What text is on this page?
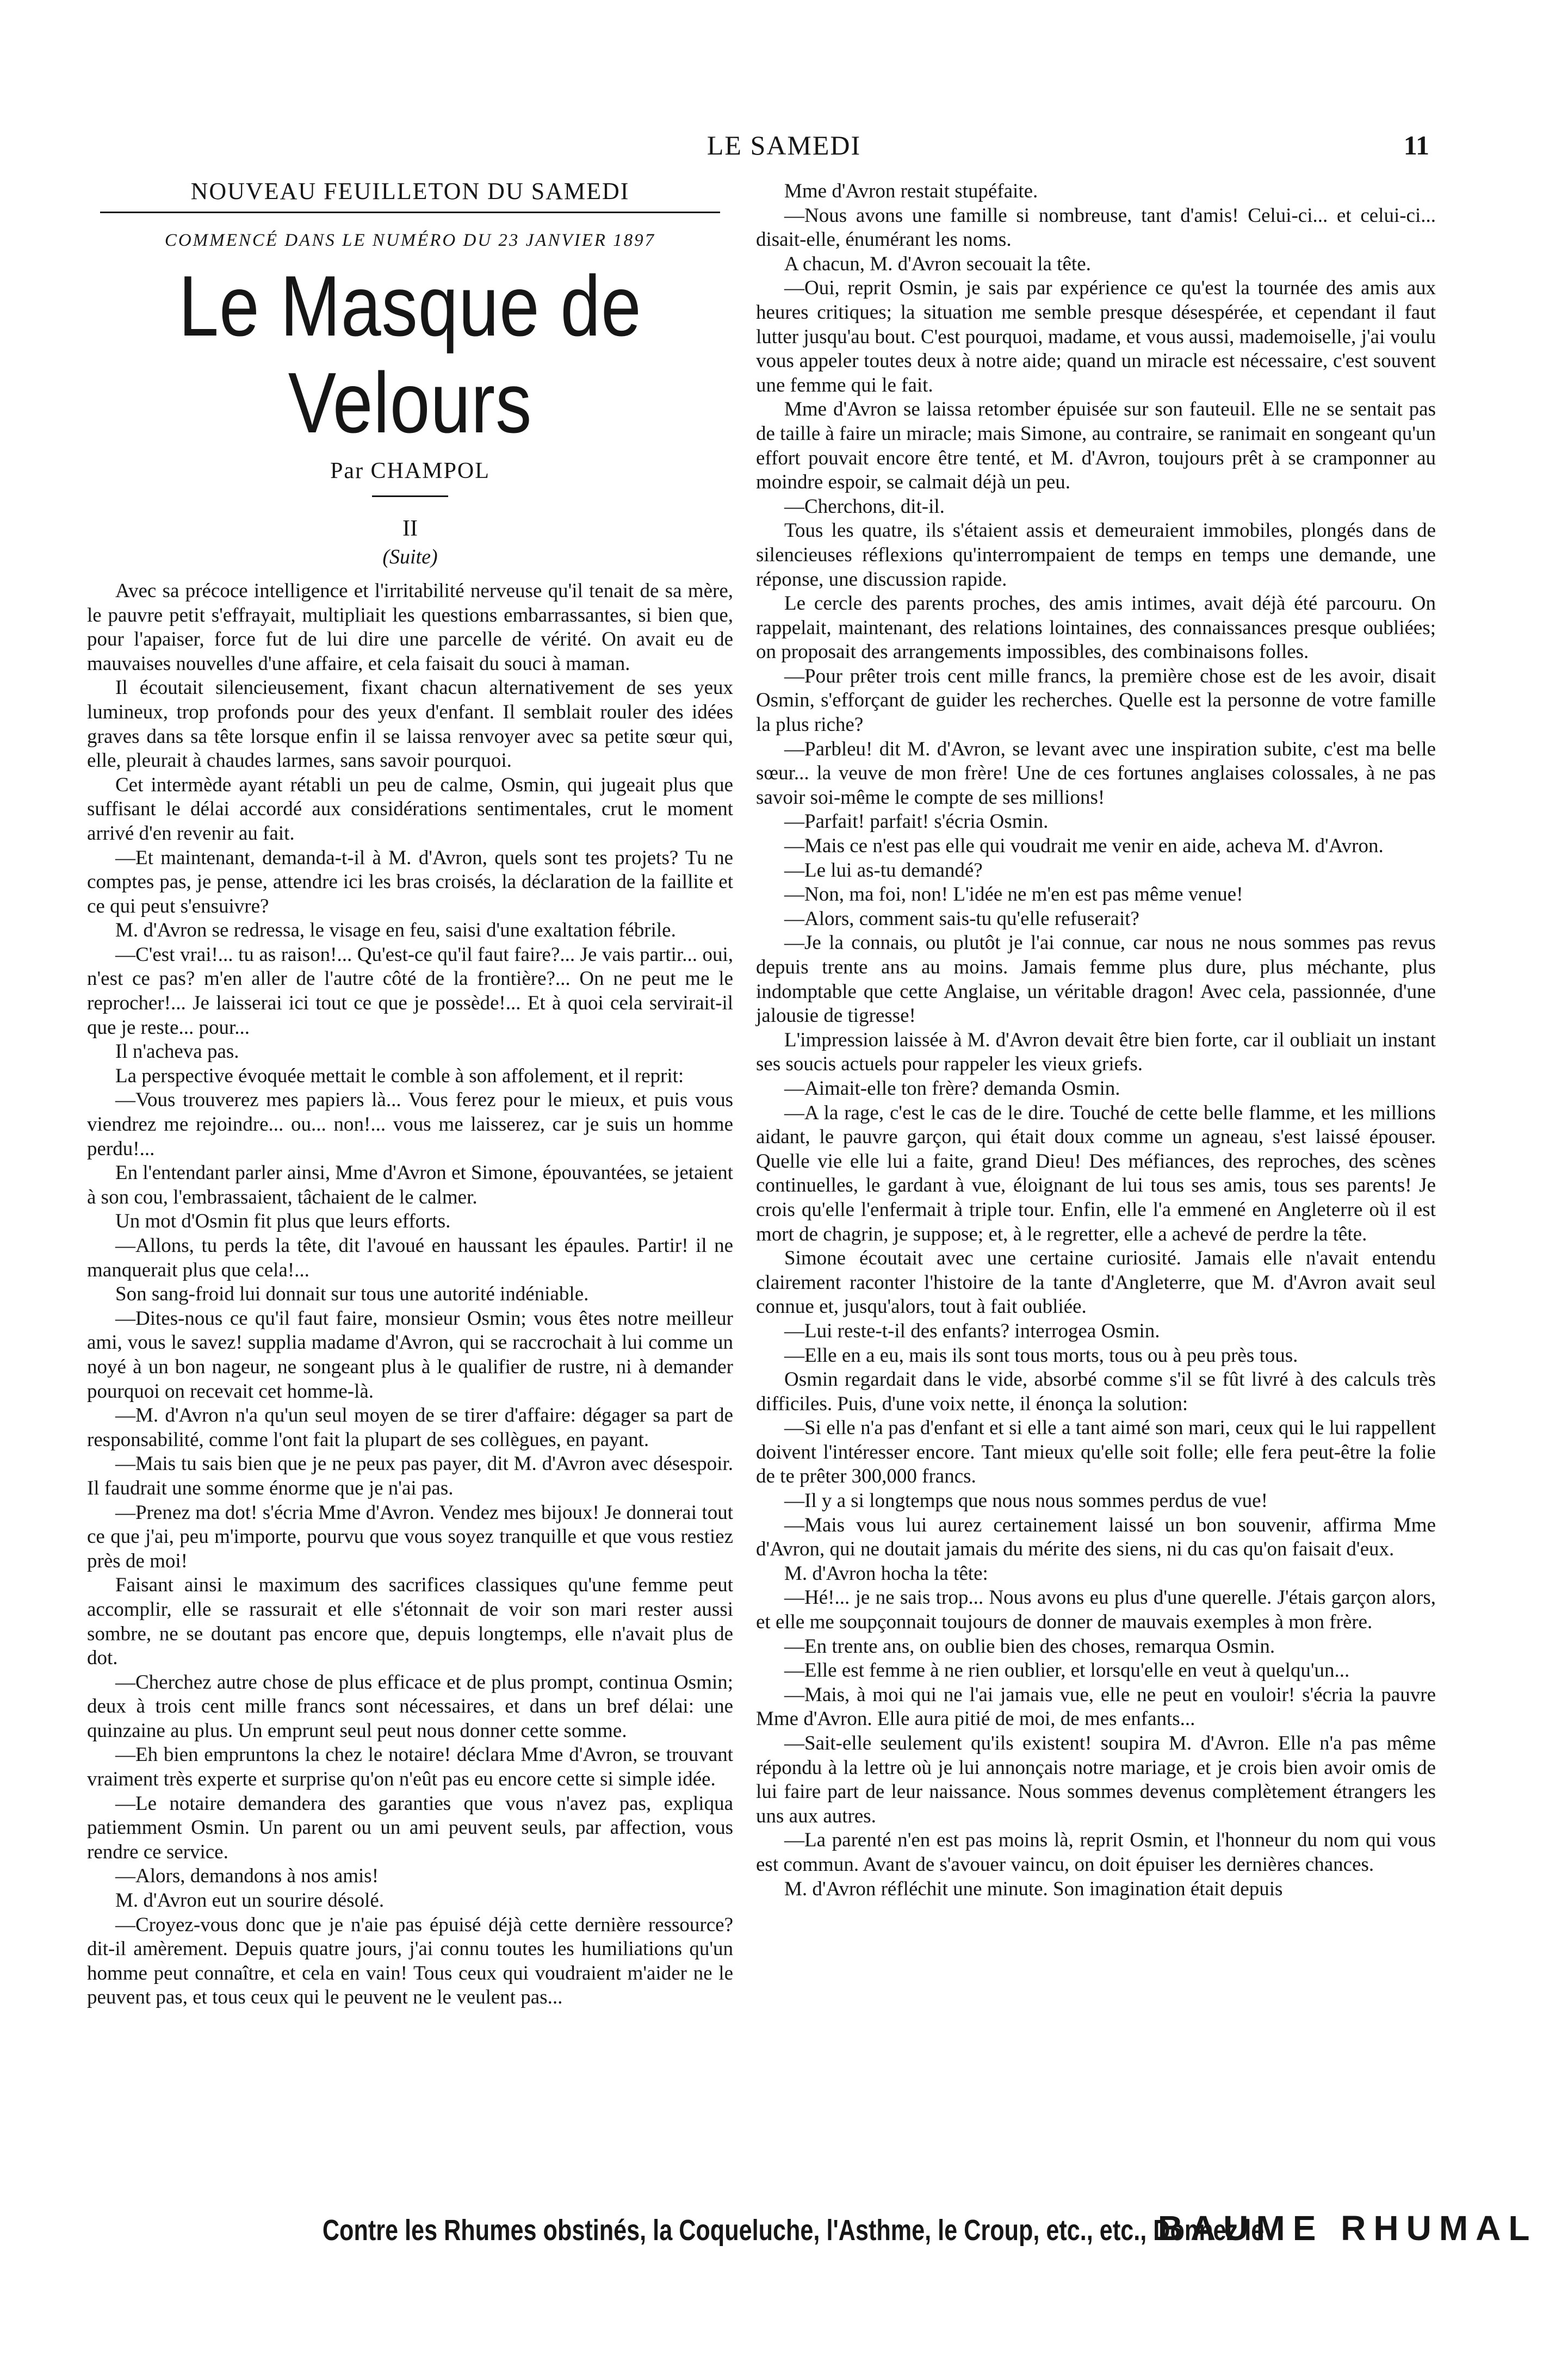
LE SAMEDI	11
NOUVEAU FEUILLETON DU SAMEDI
COMMENCÉ DANS LE NUMÉRO DU 23 JANVIER 1897
Le Masque de Velours
Par CHAMPOL
II
(Suite)

Avec sa précoce intelligence et l'irritabilité nerveuse qu'il tenait de sa mère, le pauvre petit s'effrayait, multipliait les questions embarrassantes, si bien que, pour l'apaiser, force fut de lui dire une parcelle de vérité. On avait eu de mauvaises nouvelles d'une affaire, et cela faisait du souci à maman.

Il écoutait silencieusement, fixant chacun alternativement de ses yeux lumineux, trop profonds pour des yeux d'enfant. Il semblait rouler des idées graves dans sa tête lorsque enfin il se laissa renvoyer avec sa petite sœur qui, elle, pleurait à chaudes larmes, sans savoir pourquoi.

Cet intermède ayant rétabli un peu de calme, Osmin, qui jugeait plus que suffisant le délai accordé aux considérations sentimentales, crut le moment arrivé d'en revenir au fait.

—Et maintenant, demanda-t-il à M. d'Avron, quels sont tes projets? Tu ne comptes pas, je pense, attendre ici les bras croisés, la déclaration de la faillite et ce qui peut s'ensuivre?

M. d'Avron se redressa, le visage en feu, saisi d'une exaltation fébrile.

—C'est vrai!... tu as raison!... Qu'est-ce qu'il faut faire?... Je vais partir... oui, n'est ce pas? m'en aller de l'autre côté de la frontière?... On ne peut me le reprocher!... Je laisserai ici tout ce que je possède!... Et à quoi cela servirait-il que je reste... pour...

Il n'acheva pas.

La perspective évoquée mettait le comble à son affolement, et il reprit:

—Vous trouverez mes papiers là... Vous ferez pour le mieux, et puis vous viendrez me rejoindre... ou... non!... vous me laisserez, car je suis un homme perdu!...

En l'entendant parler ainsi, Mme d'Avron et Simone, épouvantées, se jetaient à son cou, l'embrassaient, tâchaient de le calmer.

Un mot d'Osmin fit plus que leurs efforts.

—Allons, tu perds la tête, dit l'avoué en haussant les épaules. Partir! il ne manquerait plus que cela!...

Son sang-froid lui donnait sur tous une autorité indéniable.

—Dites-nous ce qu'il faut faire, monsieur Osmin; vous êtes notre meilleur ami, vous le savez! supplia madame d'Avron, qui se raccrochait à lui comme un noyé à un bon nageur, ne songeant plus à le qualifier de rustre, ni à demander pourquoi on recevait cet homme-là.

—M. d'Avron n'a qu'un seul moyen de se tirer d'affaire: dégager sa part de responsabilité, comme l'ont fait la plupart de ses collègues, en payant.

—Mais tu sais bien que je ne peux pas payer, dit M. d'Avron avec désespoir. Il faudrait une somme énorme que je n'ai pas.

—Prenez ma dot! s'écria Mme d'Avron. Vendez mes bijoux! Je donnerai tout ce que j'ai, peu m'importe, pourvu que vous soyez tranquille et que vous restiez près de moi!

Faisant ainsi le maximum des sacrifices classiques qu'une femme peut accomplir, elle se rassurait et elle s'étonnait de voir son mari rester aussi sombre, ne se doutant pas encore que, depuis longtemps, elle n'avait plus de dot.

—Cherchez autre chose de plus efficace et de plus prompt, continua Osmin; deux à trois cent mille francs sont nécessaires, et dans un bref délai: une quinzaine au plus. Un emprunt seul peut nous donner cette somme.

—Eh bien empruntons la chez le notaire! déclara Mme d'Avron, se trouvant vraiment très experte et surprise qu'on n'eût pas eu encore cette si simple idée.

—Le notaire demandera des garanties que vous n'avez pas, expliqua patiemment Osmin. Un parent ou un ami peuvent seuls, par affection, vous rendre ce service.

—Alors, demandons à nos amis!

M. d'Avron eut un sourire désolé.

—Croyez-vous donc que je n'aie pas épuisé déjà cette dernière ressource? dit-il amèrement. Depuis quatre jours, j'ai connu toutes les humiliations qu'un homme peut connaître, et cela en vain! Tous ceux qui voudraient m'aider ne le peuvent pas, et tous ceux qui le peuvent ne le veulent pas...

Mme d'Avron restait stupéfaite.

—Nous avons une famille si nombreuse, tant d'amis! Celui-ci... et celui-ci... disait-elle, énumérant les noms.

A chacun, M. d'Avron secouait la tête.

—Oui, reprit Osmin, je sais par expérience ce qu'est la tournée des amis aux heures critiques; la situation me semble presque désespérée, et cependant il faut lutter jusqu'au bout. C'est pourquoi, madame, et vous aussi, mademoiselle, j'ai voulu vous appeler toutes deux à notre aide; quand un miracle est nécessaire, c'est souvent une femme qui le fait.

Mme d'Avron se laissa retomber épuisée sur son fauteuil. Elle ne se sentait pas de taille à faire un miracle; mais Simone, au contraire, se ranimait en songeant qu'un effort pouvait encore être tenté, et M. d'Avron, toujours prêt à se cramponner au moindre espoir, se calmait déjà un peu.

—Cherchons, dit-il.

Tous les quatre, ils s'étaient assis et demeuraient immobiles, plongés dans de silencieuses réflexions qu'interrompaient de temps en temps une demande, une réponse, une discussion rapide.

Le cercle des parents proches, des amis intimes, avait déjà été parcouru. On rappelait, maintenant, des relations lointaines, des connaissances presque oubliées; on proposait des arrangements impossibles, des combinaisons folles.

—Pour prêter trois cent mille francs, la première chose est de les avoir, disait Osmin, s'efforçant de guider les recherches. Quelle est la personne de votre famille la plus riche?

—Parbleu! dit M. d'Avron, se levant avec une inspiration subite, c'est ma belle sœur... la veuve de mon frère! Une de ces fortunes anglaises colossales, à ne pas savoir soi-même le compte de ses millions!

—Parfait! parfait! s'écria Osmin.

—Mais ce n'est pas elle qui voudrait me venir en aide, acheva M. d'Avron.

—Le lui as-tu demandé?

—Non, ma foi, non! L'idée ne m'en est pas même venue!

—Alors, comment sais-tu qu'elle refuserait?

—Je la connais, ou plutôt je l'ai connue, car nous ne nous sommes pas revus depuis trente ans au moins. Jamais femme plus dure, plus méchante, plus indomptable que cette Anglaise, un véritable dragon! Avec cela, passionnée, d'une jalousie de tigresse!

L'impression laissée à M. d'Avron devait être bien forte, car il oubliait un instant ses soucis actuels pour rappeler les vieux griefs.

—Aimait-elle ton frère? demanda Osmin.

—A la rage, c'est le cas de le dire. Touché de cette belle flamme, et les millions aidant, le pauvre garçon, qui était doux comme un agneau, s'est laissé épouser. Quelle vie elle lui a faite, grand Dieu! Des méfiances, des reproches, des scènes continuelles, le gardant à vue, éloignant de lui tous ses amis, tous ses parents! Je crois qu'elle l'enfermait à triple tour. Enfin, elle l'a emmené en Angleterre où il est mort de chagrin, je suppose; et, à le regretter, elle a achevé de perdre la tête.

Simone écoutait avec une certaine curiosité. Jamais elle n'avait entendu clairement raconter l'histoire de la tante d'Angleterre, que M. d'Avron avait seul connue et, jusqu'alors, tout à fait oubliée.

—Lui reste-t-il des enfants? interrogea Osmin.

—Elle en a eu, mais ils sont tous morts, tous ou à peu près tous.

Osmin regardait dans le vide, absorbé comme s'il se fût livré à des calculs très difficiles. Puis, d'une voix nette, il énonça la solution:

—Si elle n'a pas d'enfant et si elle a tant aimé son mari, ceux qui le lui rappellent doivent l'intéresser encore. Tant mieux qu'elle soit folle; elle fera peut-être la folie de te prêter 300,000 francs.

—Il y a si longtemps que nous nous sommes perdus de vue!

—Mais vous lui aurez certainement laissé un bon souvenir, affirma Mme d'Avron, qui ne doutait jamais du mérite des siens, ni du cas qu'on faisait d'eux.

M. d'Avron hocha la tête:

—Hé!... je ne sais trop... Nous avons eu plus d'une querelle. J'étais garçon alors, et elle me soupçonnait toujours de donner de mauvais exemples à mon frère.

—En trente ans, on oublie bien des choses, remarqua Osmin.

—Elle est femme à ne rien oublier, et lorsqu'elle en veut à quelqu'un...

—Mais, à moi qui ne l'ai jamais vue, elle ne peut en vouloir! s'écria la pauvre Mme d'Avron. Elle aura pitié de moi, de mes enfants...

—Sait-elle seulement qu'ils existent! soupira M. d'Avron. Elle n'a pas même répondu à la lettre où je lui annonçais notre mariage, et je crois bien avoir omis de lui faire part de leur naissance. Nous sommes devenus complètement étrangers les uns aux autres.

—La parenté n'en est pas moins là, reprit Osmin, et l'honneur du nom qui vous est commun. Avant de s'avouer vaincu, on doit épuiser les dernières chances.

M. d'Avron réfléchit une minute. Son imagination était depuis

Contre les Rhumes obstinés, la Coqueluche, l'Asthme, le Croup, etc., etc., Donnez le BAUME RHUMAL
